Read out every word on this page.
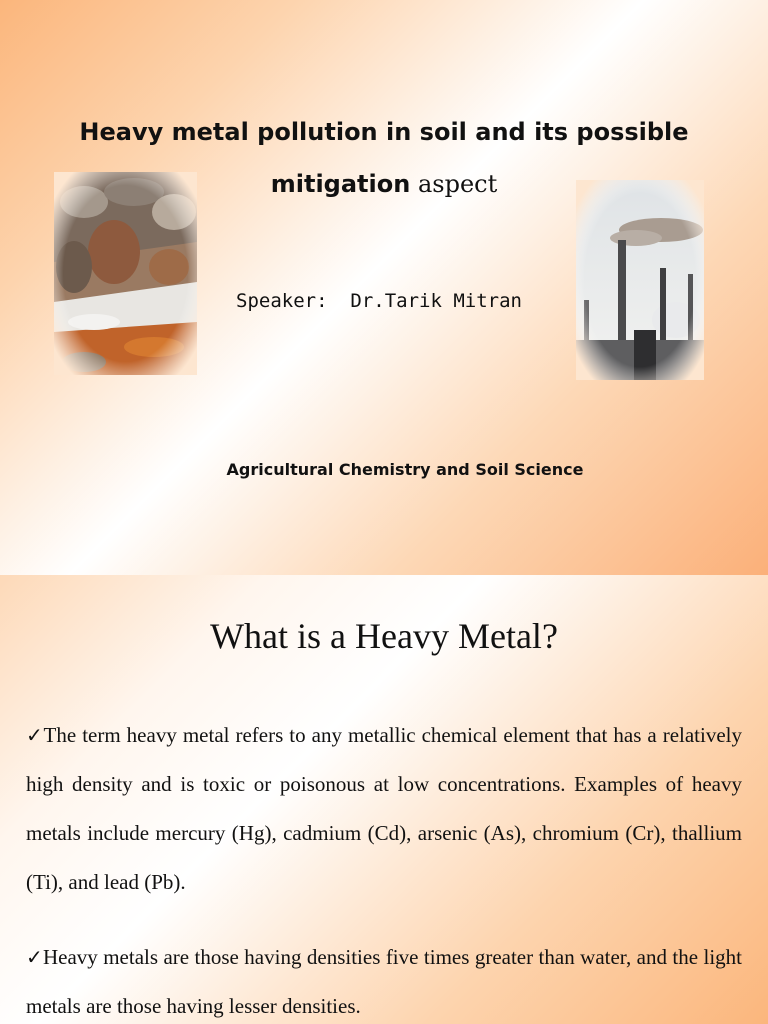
Heavy metal pollution in soil and its possible
mitigation aspect
Speaker:  Dr.Tarik Mitran
Agricultural Chemistry and Soil Science
What is a Heavy Metal?

✓The term heavy metal refers to any metallic chemical element that has a relatively high density and is toxic or poisonous at low concentrations. Examples of heavy metals include mercury (Hg), cadmium (Cd), arsenic (As), chromium (Cr), thallium (Ti), and lead (Pb).

✓Heavy metals are those having densities five times greater than water, and the light metals are those having lesser densities.
